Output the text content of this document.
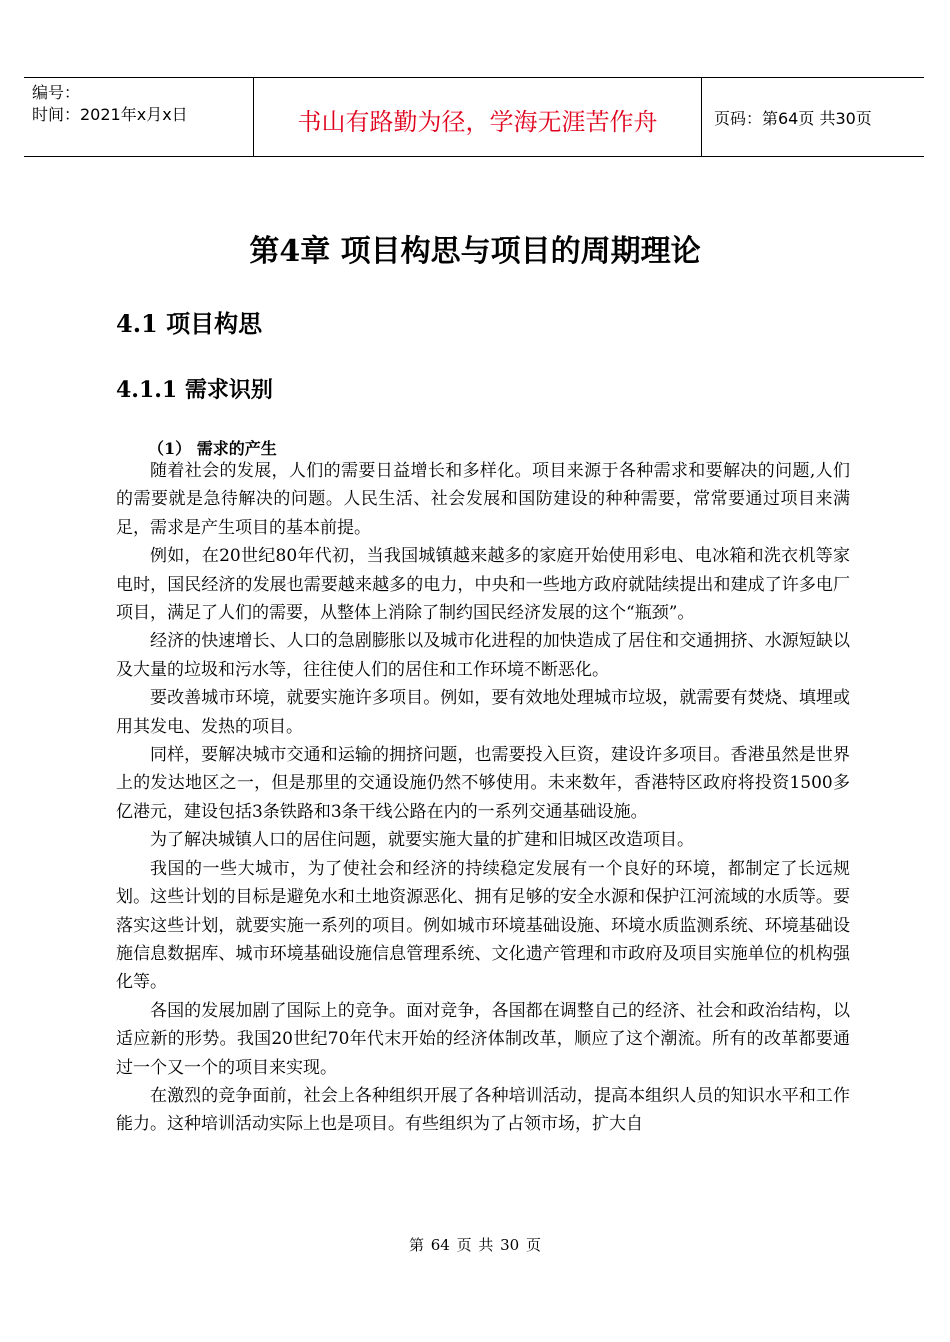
编号：
时间：2021年x月x日	书山有路勤为径，学海无涯苦作舟	页码：第64页 共30页
第4章 项目构思与项目的周期理论
4.1 项目构思
4.1.1 需求识别
（1） 需求的产生

随着社会的发展，人们的需要日益增长和多样化。项目来源于各种需求和要解决的问题,人们的需要就是急待解决的问题。人民生活、社会发展和国防建设的种种需要，常常要通过项目来满足，需求是产生项目的基本前提。

例如，在20世纪80年代初，当我国城镇越来越多的家庭开始使用彩电、电冰箱和洗衣机等家电时，国民经济的发展也需要越来越多的电力，中央和一些地方政府就陆续提出和建成了许多电厂项目，满足了人们的需要，从整体上消除了制约国民经济发展的这个“瓶颈”。

经济的快速增长、人口的急剧膨胀以及城市化进程的加快造成了居住和交通拥挤、水源短缺以及大量的垃圾和污水等，往往使人们的居住和工作环境不断恶化。

要改善城市环境，就要实施许多项目。例如，要有效地处理城市垃圾，就需要有焚烧、填埋或用其发电、发热的项目。

同样，要解决城市交通和运输的拥挤问题，也需要投入巨资，建设许多项目。香港虽然是世界上的发达地区之一，但是那里的交通设施仍然不够使用。未来数年，香港特区政府将投资1500多亿港元，建设包括3条铁路和3条干线公路在内的一系列交通基础设施。

为了解决城镇人口的居住问题，就要实施大量的扩建和旧城区改造项目。

我国的一些大城市，为了使社会和经济的持续稳定发展有一个良好的环境，都制定了长远规划。这些计划的目标是避免水和土地资源恶化、拥有足够的安全水源和保护江河流域的水质等。要落实这些计划，就要实施一系列的项目。例如城市环境基础设施、环境水质监测系统、环境基础设施信息数据库、城市环境基础设施信息管理系统、文化遗产管理和市政府及项目实施单位的机构强化等。

各国的发展加剧了国际上的竞争。面对竞争，各国都在调整自己的经济、社会和政治结构，以适应新的形势。我国20世纪70年代末开始的经济体制改革，顺应了这个潮流。所有的改革都要通过一个又一个的项目来实现。

在激烈的竞争面前，社会上各种组织开展了各种培训活动，提高本组织人员的知识水平和工作能力。这种培训活动实际上也是项目。有些组织为了占领市场，扩大自

第 64 页 共 30 页
